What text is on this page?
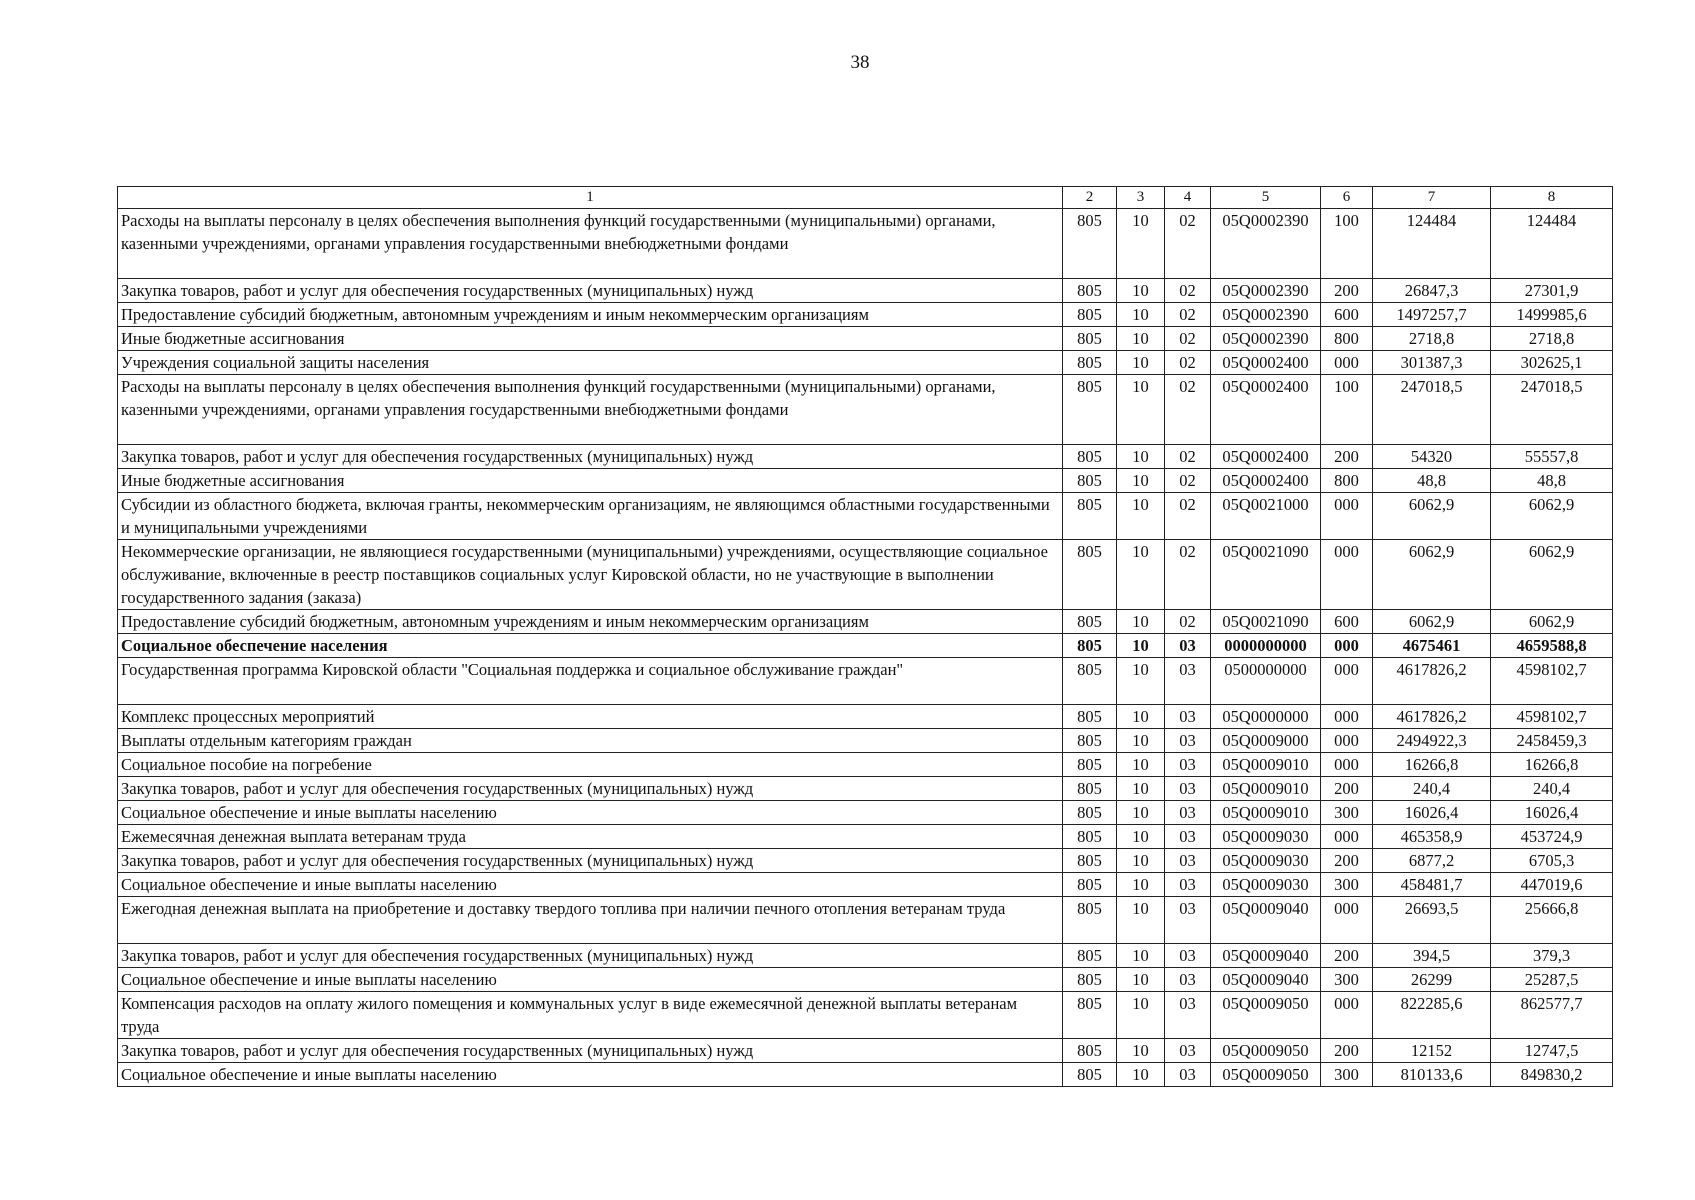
38
1	2	3	4	5	6	7	8
Расходы на выплаты персоналу в целях обеспечения выполнения функций государственными (муниципальными) органами, казенными учреждениями, органами управления государственными внебюджетными фондами	805	10	02	05Q0002390	100	124484	124484
Закупка товаров, работ и услуг для обеспечения государственных (муниципальных) нужд	805	10	02	05Q0002390	200	26847,3	27301,9
Предоставление субсидий бюджетным, автономным учреждениям и иным некоммерческим организациям	805	10	02	05Q0002390	600	1497257,7	1499985,6
Иные бюджетные ассигнования	805	10	02	05Q0002390	800	2718,8	2718,8
Учреждения социальной защиты населения	805	10	02	05Q0002400	000	301387,3	302625,1
Расходы на выплаты персоналу в целях обеспечения выполнения функций государственными (муниципальными) органами, казенными учреждениями, органами управления государственными внебюджетными фондами	805	10	02	05Q0002400	100	247018,5	247018,5
Закупка товаров, работ и услуг для обеспечения государственных (муниципальных) нужд	805	10	02	05Q0002400	200	54320	55557,8
Иные бюджетные ассигнования	805	10	02	05Q0002400	800	48,8	48,8
Субсидии из областного бюджета, включая гранты, некоммерческим организациям, не являющимся областными государственными и муниципальными учреждениями	805	10	02	05Q0021000	000	6062,9	6062,9
Некоммерческие организации, не являющиеся государственными (муниципальными) учреждениями, осуществляющие социальное обслуживание, включенные в реестр поставщиков социальных услуг Кировской области, но не участвующие в выполнении государственного задания (заказа)	805	10	02	05Q0021090	000	6062,9	6062,9
Предоставление субсидий бюджетным, автономным учреждениям и иным некоммерческим организациям	805	10	02	05Q0021090	600	6062,9	6062,9
Социальное обеспечение населения	805	10	03	0000000000	000	4675461	4659588,8
Государственная программа Кировской области "Социальная поддержка и социальное обслуживание граждан"	805	10	03	0500000000	000	4617826,2	4598102,7
Комплекс процессных мероприятий	805	10	03	05Q0000000	000	4617826,2	4598102,7
Выплаты отдельным категориям граждан	805	10	03	05Q0009000	000	2494922,3	2458459,3
Социальное пособие на погребение	805	10	03	05Q0009010	000	16266,8	16266,8
Закупка товаров, работ и услуг для обеспечения государственных (муниципальных) нужд	805	10	03	05Q0009010	200	240,4	240,4
Социальное обеспечение и иные выплаты населению	805	10	03	05Q0009010	300	16026,4	16026,4
Ежемесячная денежная выплата ветеранам труда	805	10	03	05Q0009030	000	465358,9	453724,9
Закупка товаров, работ и услуг для обеспечения государственных (муниципальных) нужд	805	10	03	05Q0009030	200	6877,2	6705,3
Социальное обеспечение и иные выплаты населению	805	10	03	05Q0009030	300	458481,7	447019,6
Ежегодная денежная выплата на приобретение и доставку твердого топлива при наличии печного отопления ветеранам труда	805	10	03	05Q0009040	000	26693,5	25666,8
Закупка товаров, работ и услуг для обеспечения государственных (муниципальных) нужд	805	10	03	05Q0009040	200	394,5	379,3
Социальное обеспечение и иные выплаты населению	805	10	03	05Q0009040	300	26299	25287,5
Компенсация расходов на оплату жилого помещения и коммунальных услуг в виде ежемесячной денежной выплаты ветеранам труда	805	10	03	05Q0009050	000	822285,6	862577,7
Закупка товаров, работ и услуг для обеспечения государственных (муниципальных) нужд	805	10	03	05Q0009050	200	12152	12747,5
Социальное обеспечение и иные выплаты населению	805	10	03	05Q0009050	300	810133,6	849830,2
